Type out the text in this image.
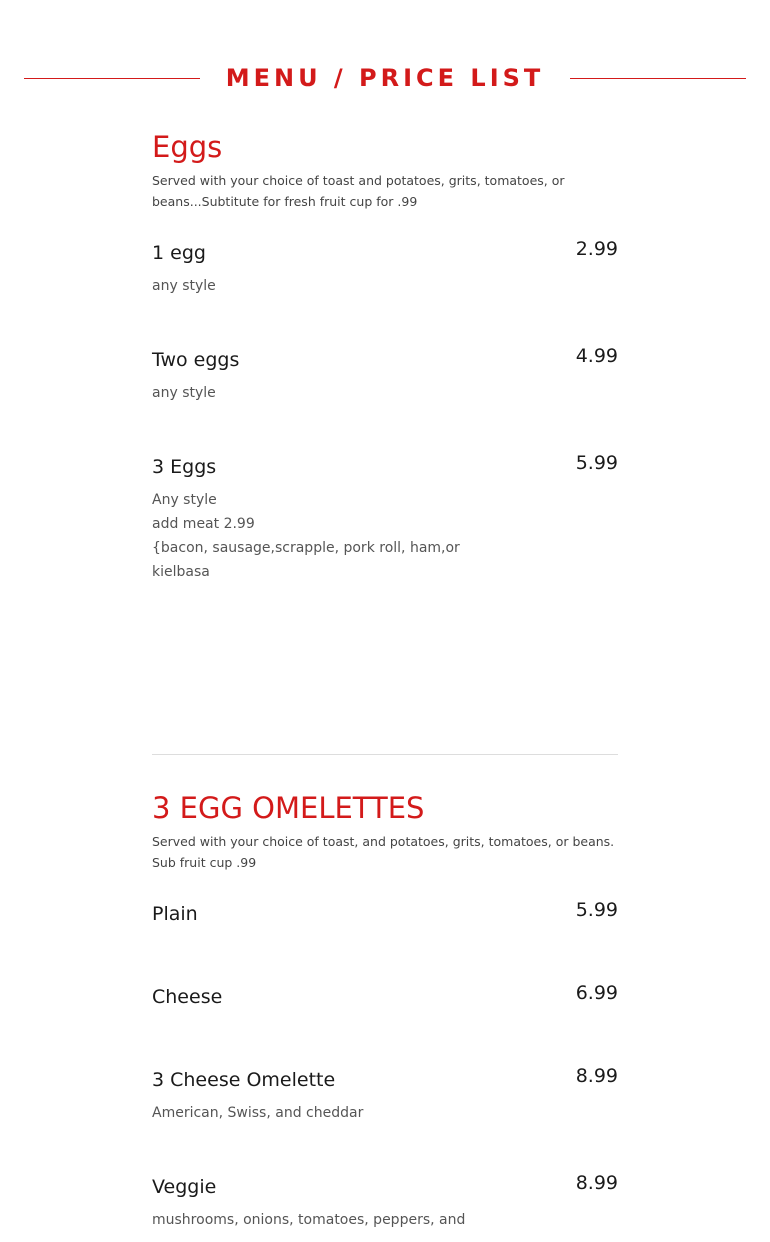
MENU / PRICE LIST
Eggs

Served with your choice of toast and potatoes, grits, tomatoes, or beans...Subtitute for fresh fruit cup for .99

1 egg	2.99
any style
Two eggs	4.99
any style
3 Eggs	5.99
Any style
add meat 2.99
{bacon, sausage,scrapple, pork roll, ham,or kielbasa
3 EGG OMELETTES

Served with your choice of toast, and potatoes, grits, tomatoes, or beans. Sub fruit cup .99

Plain	5.99
Cheese	6.99
3 Cheese Omelette	8.99
American, Swiss, and cheddar
Veggie	8.99
mushrooms, onions, tomatoes, peppers, and
